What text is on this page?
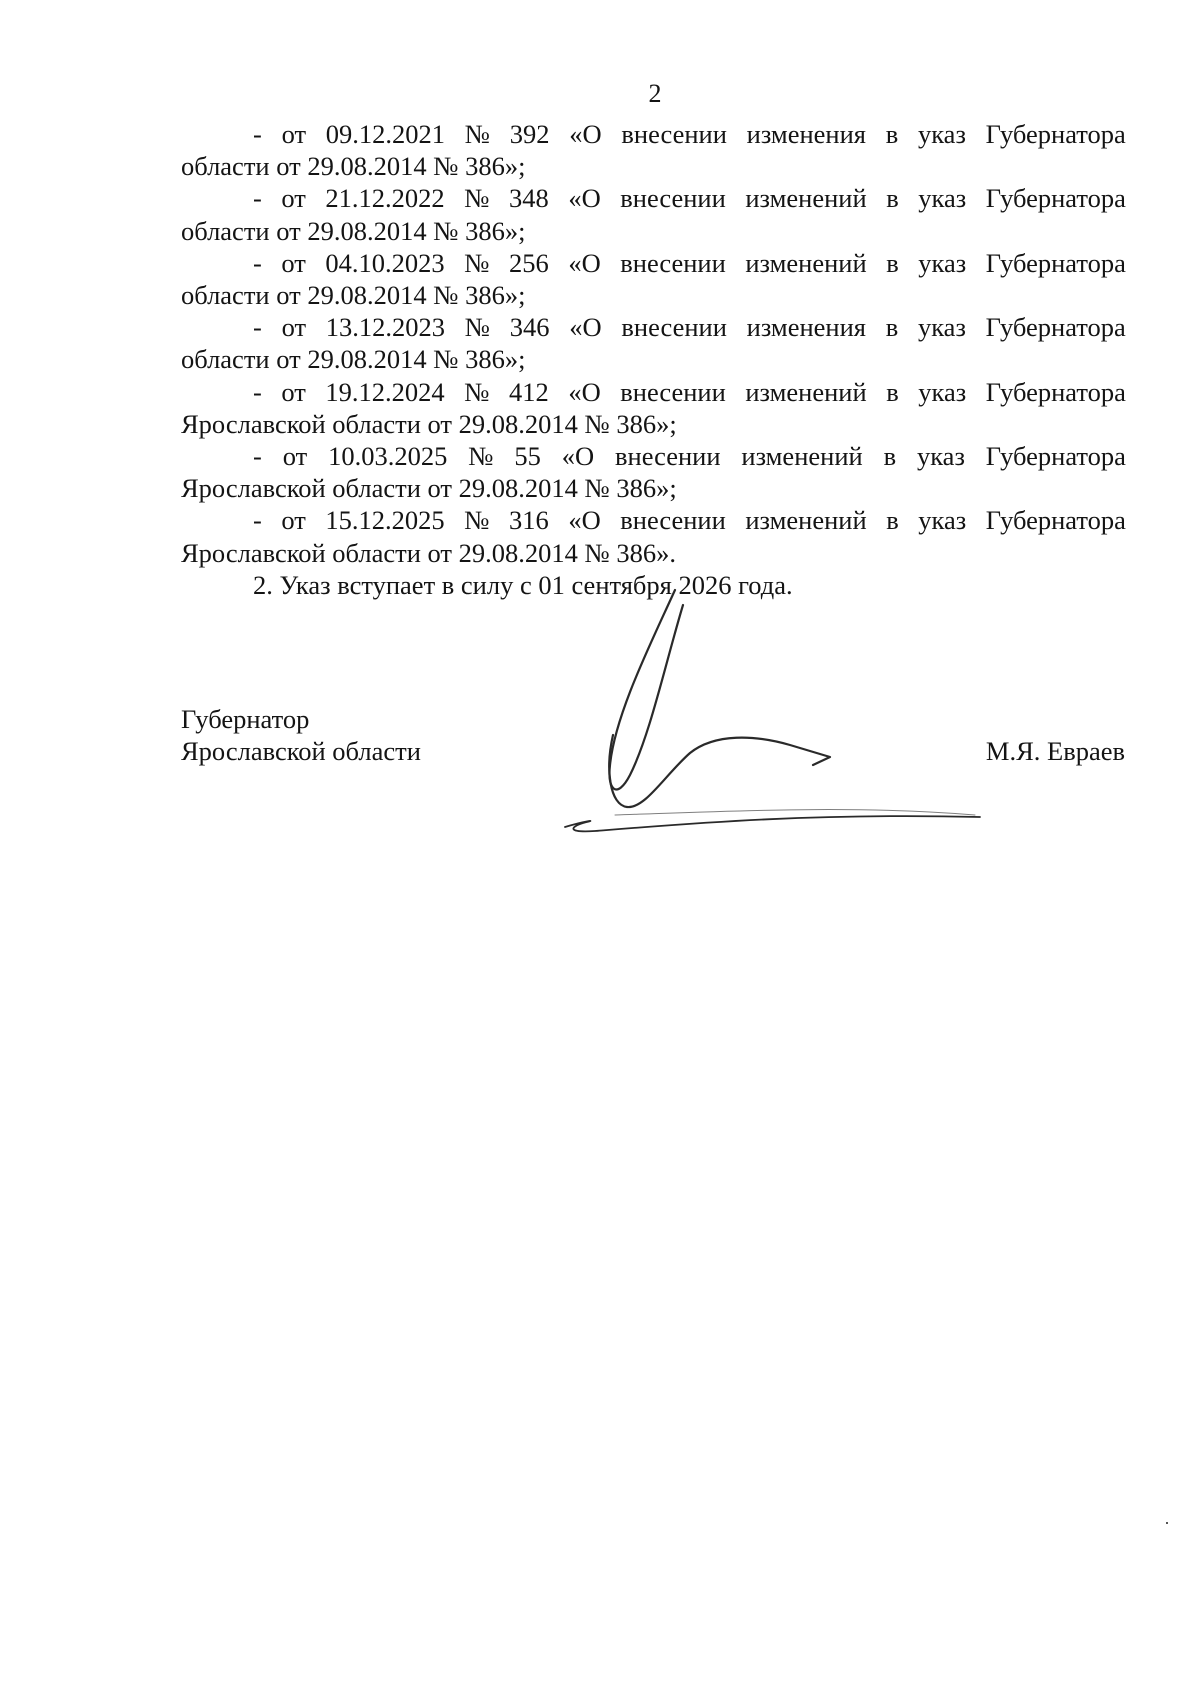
2

- от 09.12.2021 № 392 «О внесении изменения в указ Губернатора
области от 29.08.2014 № 386»;

- от 21.12.2022 № 348 «О внесении изменений в указ Губернатора
области от 29.08.2014 № 386»;

- от 04.10.2023 № 256 «О внесении изменений в указ Губернатора
области от 29.08.2014 № 386»;

- от 13.12.2023 № 346 «О внесении изменения в указ Губернатора
области от 29.08.2014 № 386»;

- от 19.12.2024 № 412 «О внесении изменений в указ Губернатора
Ярославской области от 29.08.2014 № 386»;

- от 10.03.2025 № 55 «О внесении изменений в указ Губернатора
Ярославской области от 29.08.2014 № 386»;

- от 15.12.2025 № 316 «О внесении изменений в указ Губернатора
Ярославской области от 29.08.2014 № 386».

2. Указ вступает в силу с 01 сентября 2026 года.

Губернатор
Ярославской области	М.Я. Евраев
